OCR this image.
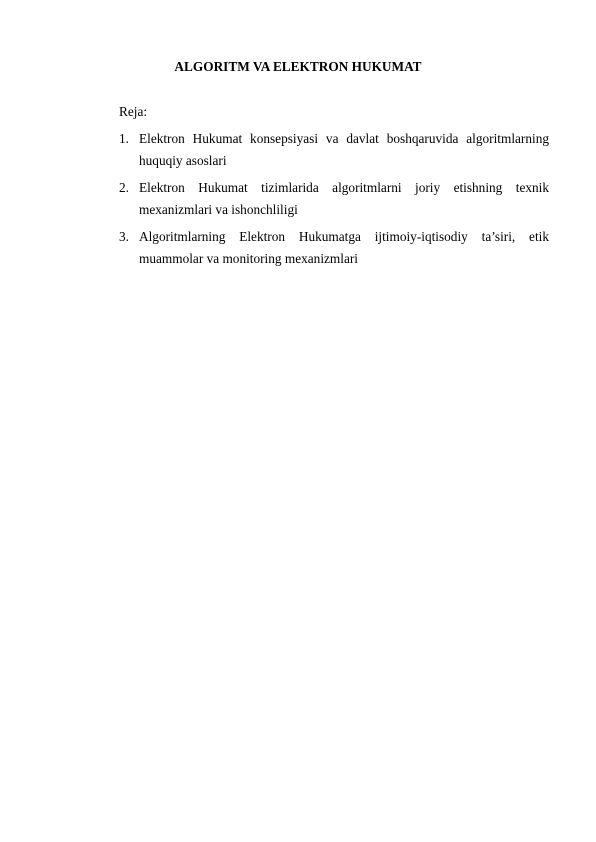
ALGORITM VA ELEKTRON HUKUMAT
Reja:
1. Elektron Hukumat konsepsiyasi va davlat boshqaruvida algoritmlarning
huquqiy asoslari
2. Elektron Hukumat tizimlarida algoritmlarni joriy etishning texnik
mexanizmlari va ishonchliligi
3. Algoritmlarning Elektron Hukumatga ijtimoiy-iqtisodiy ta’siri, etik
muammolar va monitoring mexanizmlari
